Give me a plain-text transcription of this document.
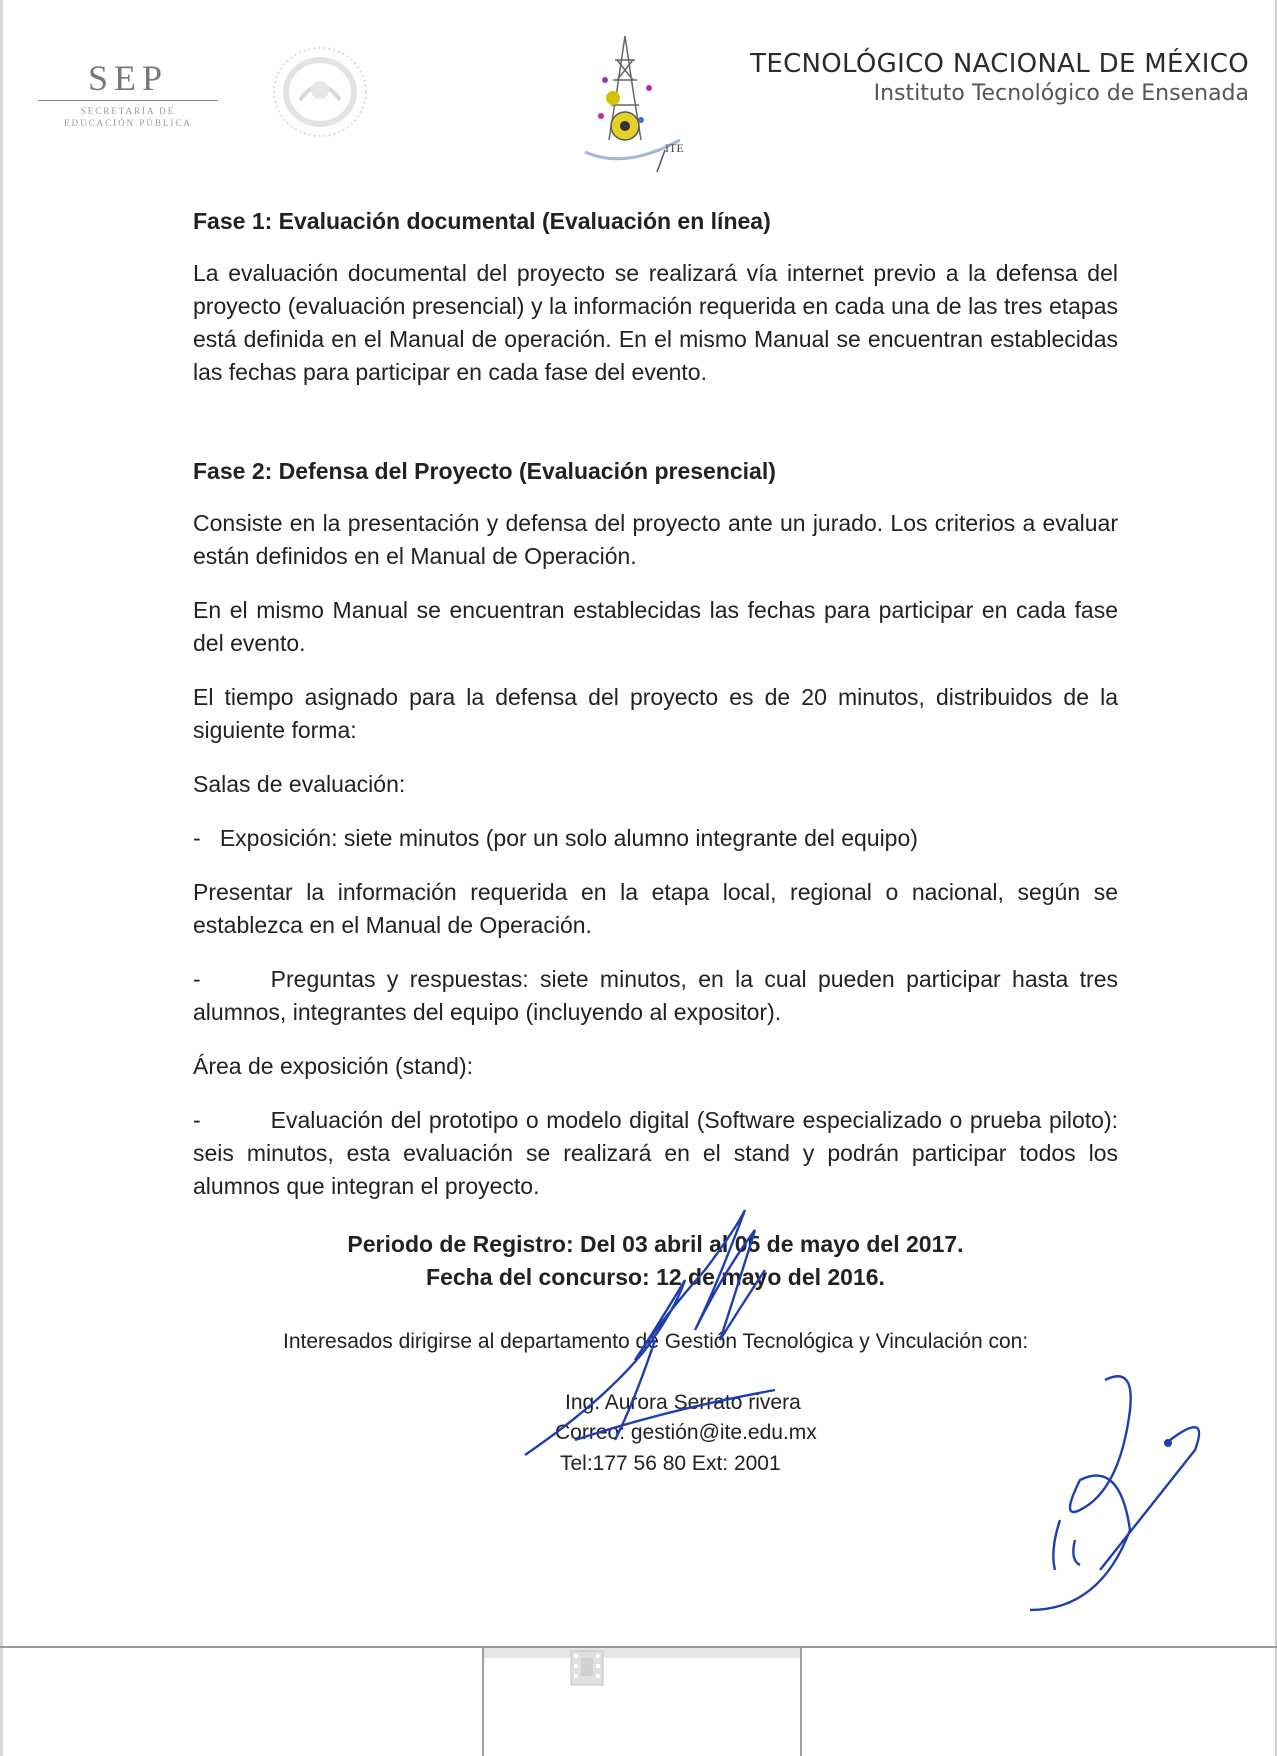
SEP
SECRETARÍA DE
EDUCACIÓN PÚBLICA
ITE
TECNOLÓGICO NACIONAL DE MÉXICO
Instituto Tecnológico de Ensenada

Fase 1: Evaluación documental (Evaluación en línea)

La evaluación documental del proyecto se realizará vía internet previo a la defensa del proyecto (evaluación presencial) y la información requerida en cada una de las tres etapas está definida en el Manual de operación. En el mismo Manual se encuentran establecidas las fechas para participar en cada fase del evento.

Fase 2: Defensa del Proyecto (Evaluación presencial)

Consiste en la presentación y defensa del proyecto ante un jurado. Los criterios a evaluar están definidos en el Manual de Operación.

En el mismo Manual se encuentran establecidas las fechas para participar en cada fase del evento.

El tiempo asignado para la defensa del proyecto es de 20 minutos, distribuidos de la siguiente forma:

Salas de evaluación:

-   Exposición: siete minutos (por un solo alumno integrante del equipo)

Presentar la información requerida en la etapa local, regional o nacional, según se establezca en el Manual de Operación.

-	Preguntas y respuestas: siete minutos, en la cual pueden participar hasta tres alumnos, integrantes del equipo (incluyendo al expositor).

Área de exposición (stand):

-	Evaluación del prototipo o modelo digital (Software especializado o prueba piloto): seis minutos, esta evaluación se realizará en el stand y podrán participar todos los alumnos que integran el proyecto.

Periodo de Registro: Del 03 abril al 05 de mayo del 2017.

Fecha del concurso: 12 de mayo del 2016.

Interesados dirigirse al departamento de Gestión Tecnológica y Vinculación con:
Ing. Aurora Serrato rivera
Correo: gestión@ite.edu.mx
Tel:177 56 80 Ext: 2001
